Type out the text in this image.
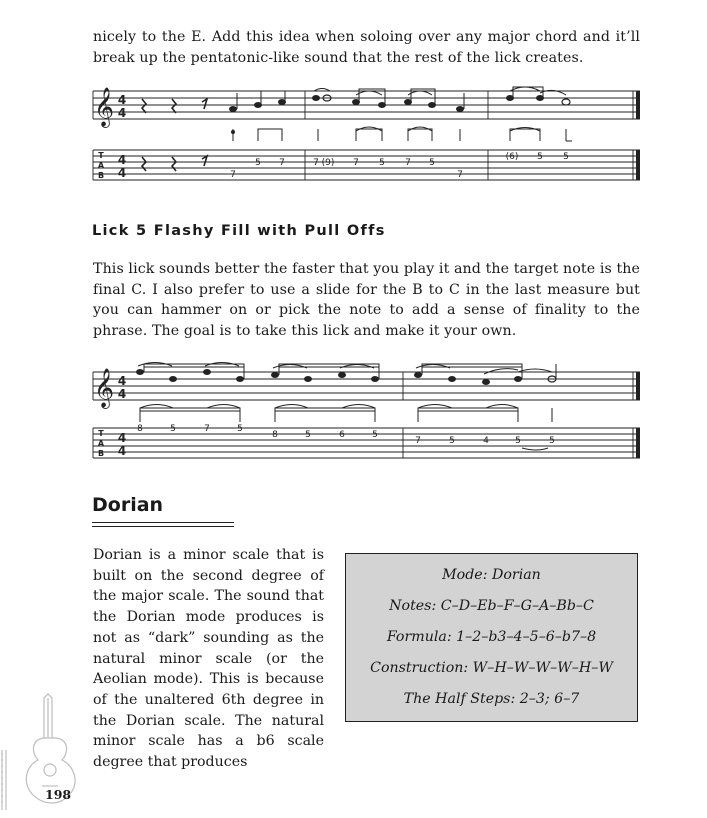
nicely to the E. Add this idea when soloing over any major chord and it’ll break up the pentatonic-like sound that the rest of the lick creates.

𝄞 4
4
4
4
T
A
B	7
5 7	7 (9) 7 5 7 5
7
(6) 5 5
Lick 5 Flashy Fill with Pull Offs

This lick sounds better the faster that you play it and the target note is the final C. I also prefer to use a slide for the B to C in the last measure but you can hammer on or pick the note to add a sense of finality to the phrase. The goal is to take this lick and make it your own.

𝄞 4
4
4
4
T
A
B
8	5	7	5
8	5	6	5
7	5	4	5	5
Dorian

Dorian is a minor scale that is built on the second degree of the major scale. The sound that the Dorian mode produces is not as “dark” sounding as the natural minor scale (or the Aeolian mode). This is because of the unaltered 6th degree in the Dorian scale. The natural minor scale has a b6 scale degree that produces

Mode: Dorian

Notes: C–D–Eb–F–G–A–Bb–C

Formula: 1–2–b3–4–5–6–b7–8

Construction: W–H–W–W–W–H–W

The Half Steps: 2–3; 6–7

198
